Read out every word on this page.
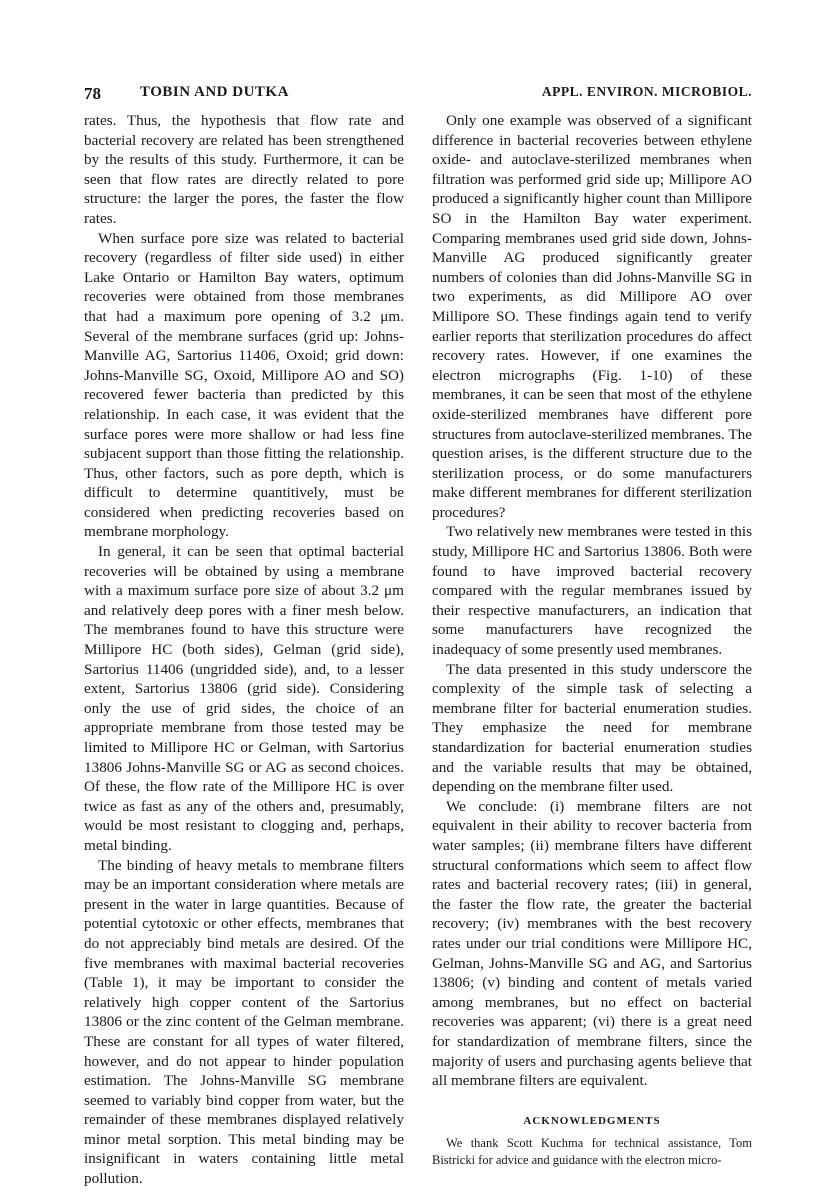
78	TOBIN AND DUTKA	APPL. ENVIRON. MICROBIOL.

rates. Thus, the hypothesis that flow rate and bacterial recovery are related has been strengthened by the results of this study. Furthermore, it can be seen that flow rates are directly related to pore structure: the larger the pores, the faster the flow rates.

When surface pore size was related to bacterial recovery (regardless of filter side used) in either Lake Ontario or Hamilton Bay waters, optimum recoveries were obtained from those membranes that had a maximum pore opening of 3.2 μm. Several of the membrane surfaces (grid up: Johns-Manville AG, Sartorius 11406, Oxoid; grid down: Johns-Manville SG, Oxoid, Millipore AO and SO) recovered fewer bacteria than predicted by this relationship. In each case, it was evident that the surface pores were more shallow or had less fine subjacent support than those fitting the relationship. Thus, other factors, such as pore depth, which is difficult to determine quantitively, must be considered when predicting recoveries based on membrane morphology.

In general, it can be seen that optimal bacterial recoveries will be obtained by using a membrane with a maximum surface pore size of about 3.2 μm and relatively deep pores with a finer mesh below. The membranes found to have this structure were Millipore HC (both sides), Gelman (grid side), Sartorius 11406 (ungridded side), and, to a lesser extent, Sartorius 13806 (grid side). Considering only the use of grid sides, the choice of an appropriate membrane from those tested may be limited to Millipore HC or Gelman, with Sartorius 13806 Johns-Manville SG or AG as second choices. Of these, the flow rate of the Millipore HC is over twice as fast as any of the others and, presumably, would be most resistant to clogging and, perhaps, metal binding.

The binding of heavy metals to membrane filters may be an important consideration where metals are present in the water in large quantities. Because of potential cytotoxic or other effects, membranes that do not appreciably bind metals are desired. Of the five membranes with maximal bacterial recoveries (Table 1), it may be important to consider the relatively high copper content of the Sartorius 13806 or the zinc content of the Gelman membrane. These are constant for all types of water filtered, however, and do not appear to hinder population estimation. The Johns-Manville SG membrane seemed to variably bind copper from water, but the remainder of these membranes displayed relatively minor metal sorption. This metal binding may be insignificant in waters containing little metal pollution.

Only one example was observed of a significant difference in bacterial recoveries between ethylene oxide- and autoclave-sterilized membranes when filtration was performed grid side up; Millipore AO produced a significantly higher count than Millipore SO in the Hamilton Bay water experiment. Comparing membranes used grid side down, Johns-Manville AG produced significantly greater numbers of colonies than did Johns-Manville SG in two experiments, as did Millipore AO over Millipore SO. These findings again tend to verify earlier reports that sterilization procedures do affect recovery rates. However, if one examines the electron micrographs (Fig. 1-10) of these membranes, it can be seen that most of the ethylene oxide-sterilized membranes have different pore structures from autoclave-sterilized membranes. The question arises, is the different structure due to the sterilization process, or do some manufacturers make different membranes for different sterilization procedures?

Two relatively new membranes were tested in this study, Millipore HC and Sartorius 13806. Both were found to have improved bacterial recovery compared with the regular membranes issued by their respective manufacturers, an indication that some manufacturers have recognized the inadequacy of some presently used membranes.

The data presented in this study underscore the complexity of the simple task of selecting a membrane filter for bacterial enumeration studies. They emphasize the need for membrane standardization for bacterial enumeration studies and the variable results that may be obtained, depending on the membrane filter used.

We conclude: (i) membrane filters are not equivalent in their ability to recover bacteria from water samples; (ii) membrane filters have different structural conformations which seem to affect flow rates and bacterial recovery rates; (iii) in general, the faster the flow rate, the greater the bacterial recovery; (iv) membranes with the best recovery rates under our trial conditions were Millipore HC, Gelman, Johns-Manville SG and AG, and Sartorius 13806; (v) binding and content of metals varied among membranes, but no effect on bacterial recoveries was apparent; (vi) there is a great need for standardization of membrane filters, since the majority of users and purchasing agents believe that all membrane filters are equivalent.

ACKNOWLEDGMENTS

We thank Scott Kuchma for technical assistance, Tom Bistricki for advice and guidance with the electron micro-
